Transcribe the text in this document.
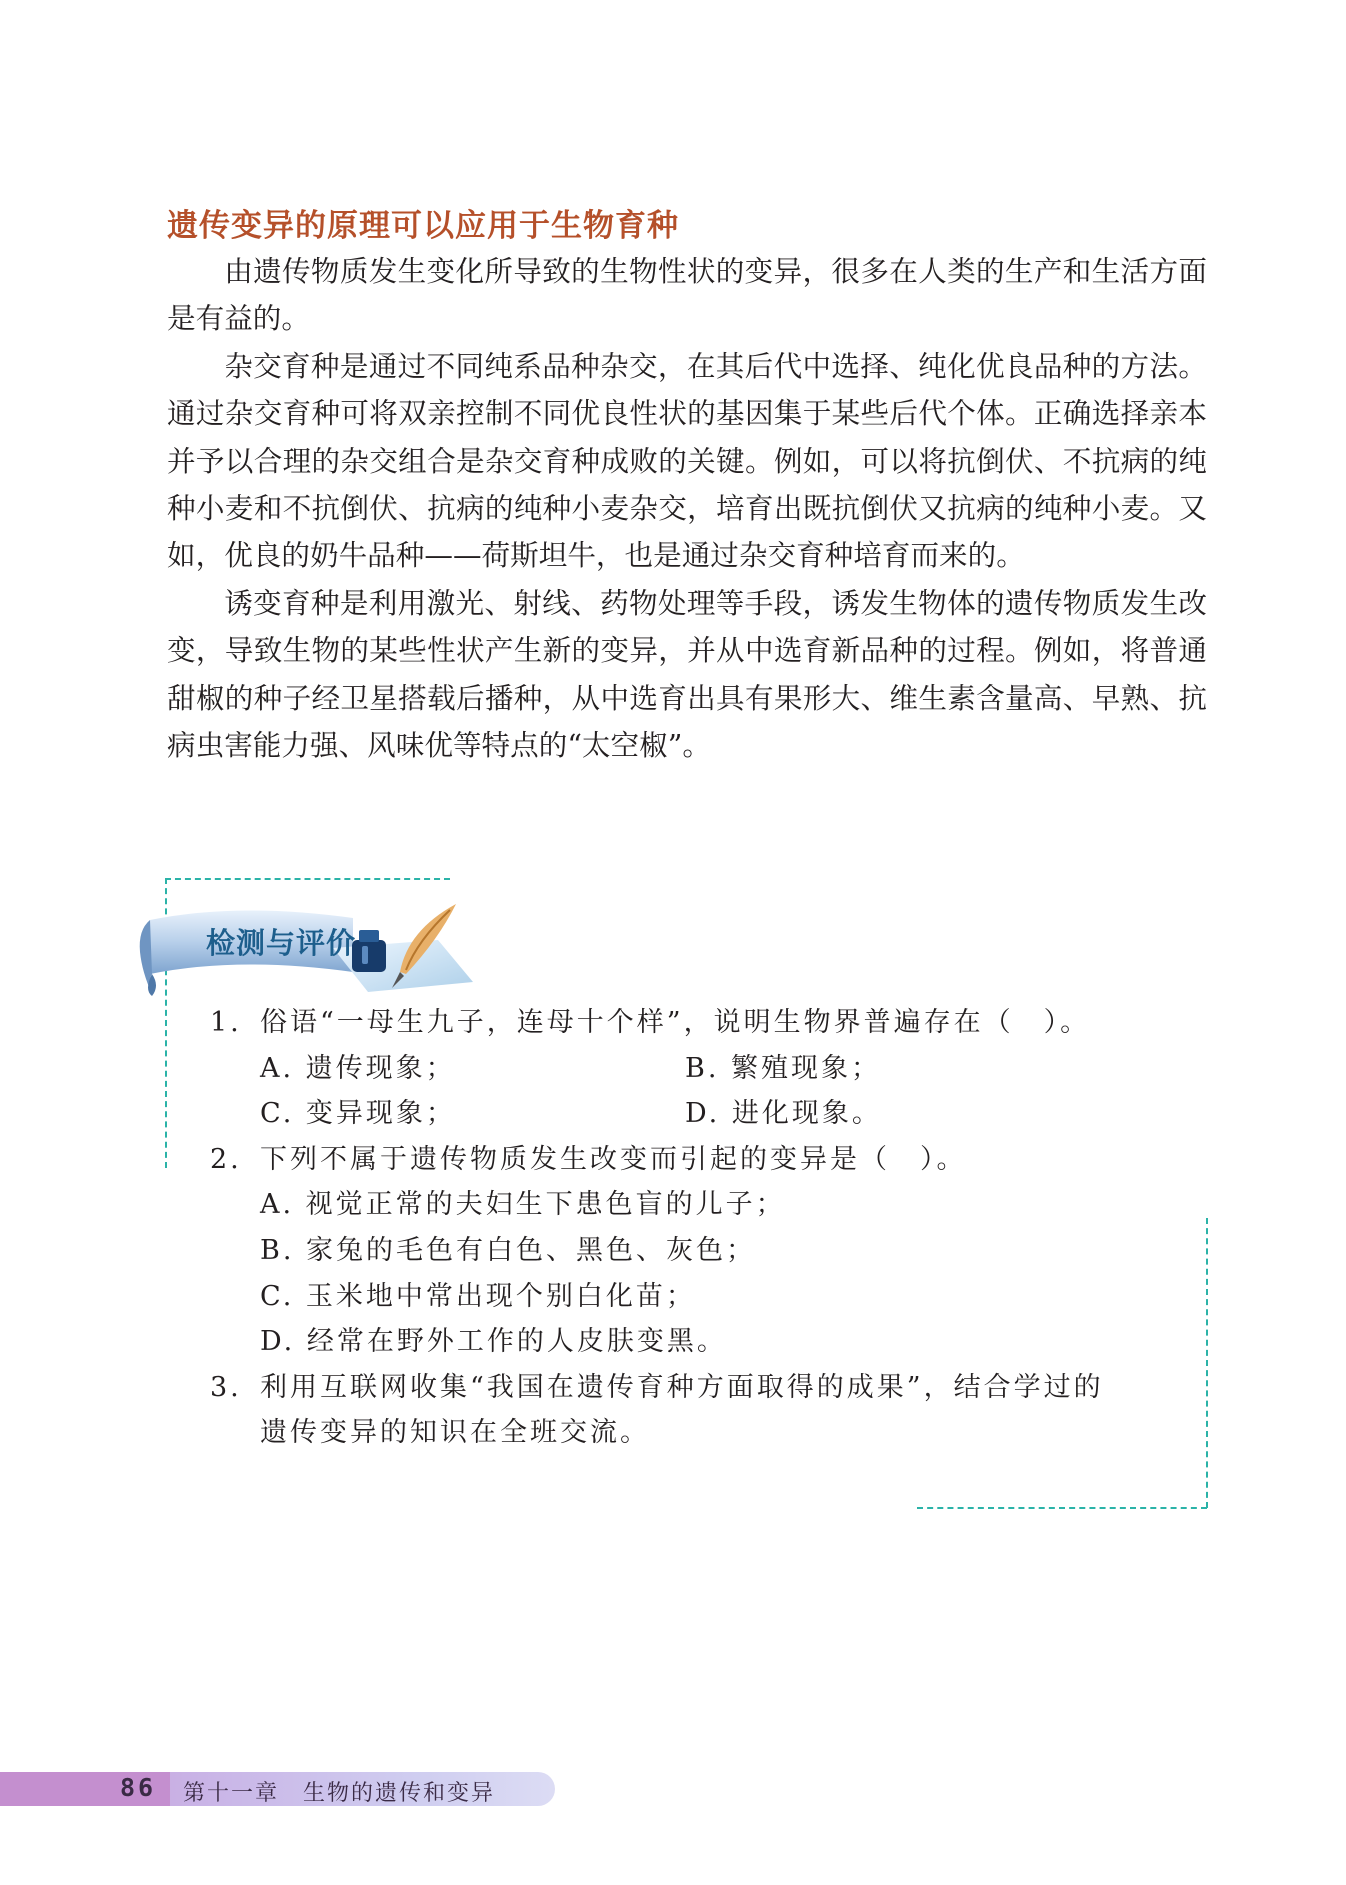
遗传变异的原理可以应用于生物育种

由遗传物质发生变化所导致的生物性状的变异，很多在人类的生产和生活方面是有益的。

杂交育种是通过不同纯系品种杂交，在其后代中选择、纯化优良品种的方法。通过杂交育种可将双亲控制不同优良性状的基因集于某些后代个体。正确选择亲本并予以合理的杂交组合是杂交育种成败的关键。例如，可以将抗倒伏、不抗病的纯种小麦和不抗倒伏、抗病的纯种小麦杂交，培育出既抗倒伏又抗病的纯种小麦。又如，优良的奶牛品种——荷斯坦牛，也是通过杂交育种培育而来的。

诱变育种是利用激光、射线、药物处理等手段，诱发生物体的遗传物质发生改变，导致生物的某些性状产生新的变异，并从中选育新品种的过程。例如，将普通甜椒的种子经卫星搭载后播种，从中选育出具有果形大、维生素含量高、早熟、抗病虫害能力强、风味优等特点的“太空椒”。

检测与评价

1. 俗语“一母生九子，连母十个样”，说明生物界普遍存在（　）。

A. 遗传现象；	B. 繁殖现象；

C. 变异现象；	D. 进化现象。

2. 下列不属于遗传物质发生改变而引起的变异是（　）。

A. 视觉正常的夫妇生下患色盲的儿子；

B. 家兔的毛色有白色、黑色、灰色；

C. 玉米地中常出现个别白化苗；

D. 经常在野外工作的人皮肤变黑。

3. 利用互联网收集“我国在遗传育种方面取得的成果”，结合学过的

遗传变异的知识在全班交流。

86 第十一章　生物的遗传和变异
